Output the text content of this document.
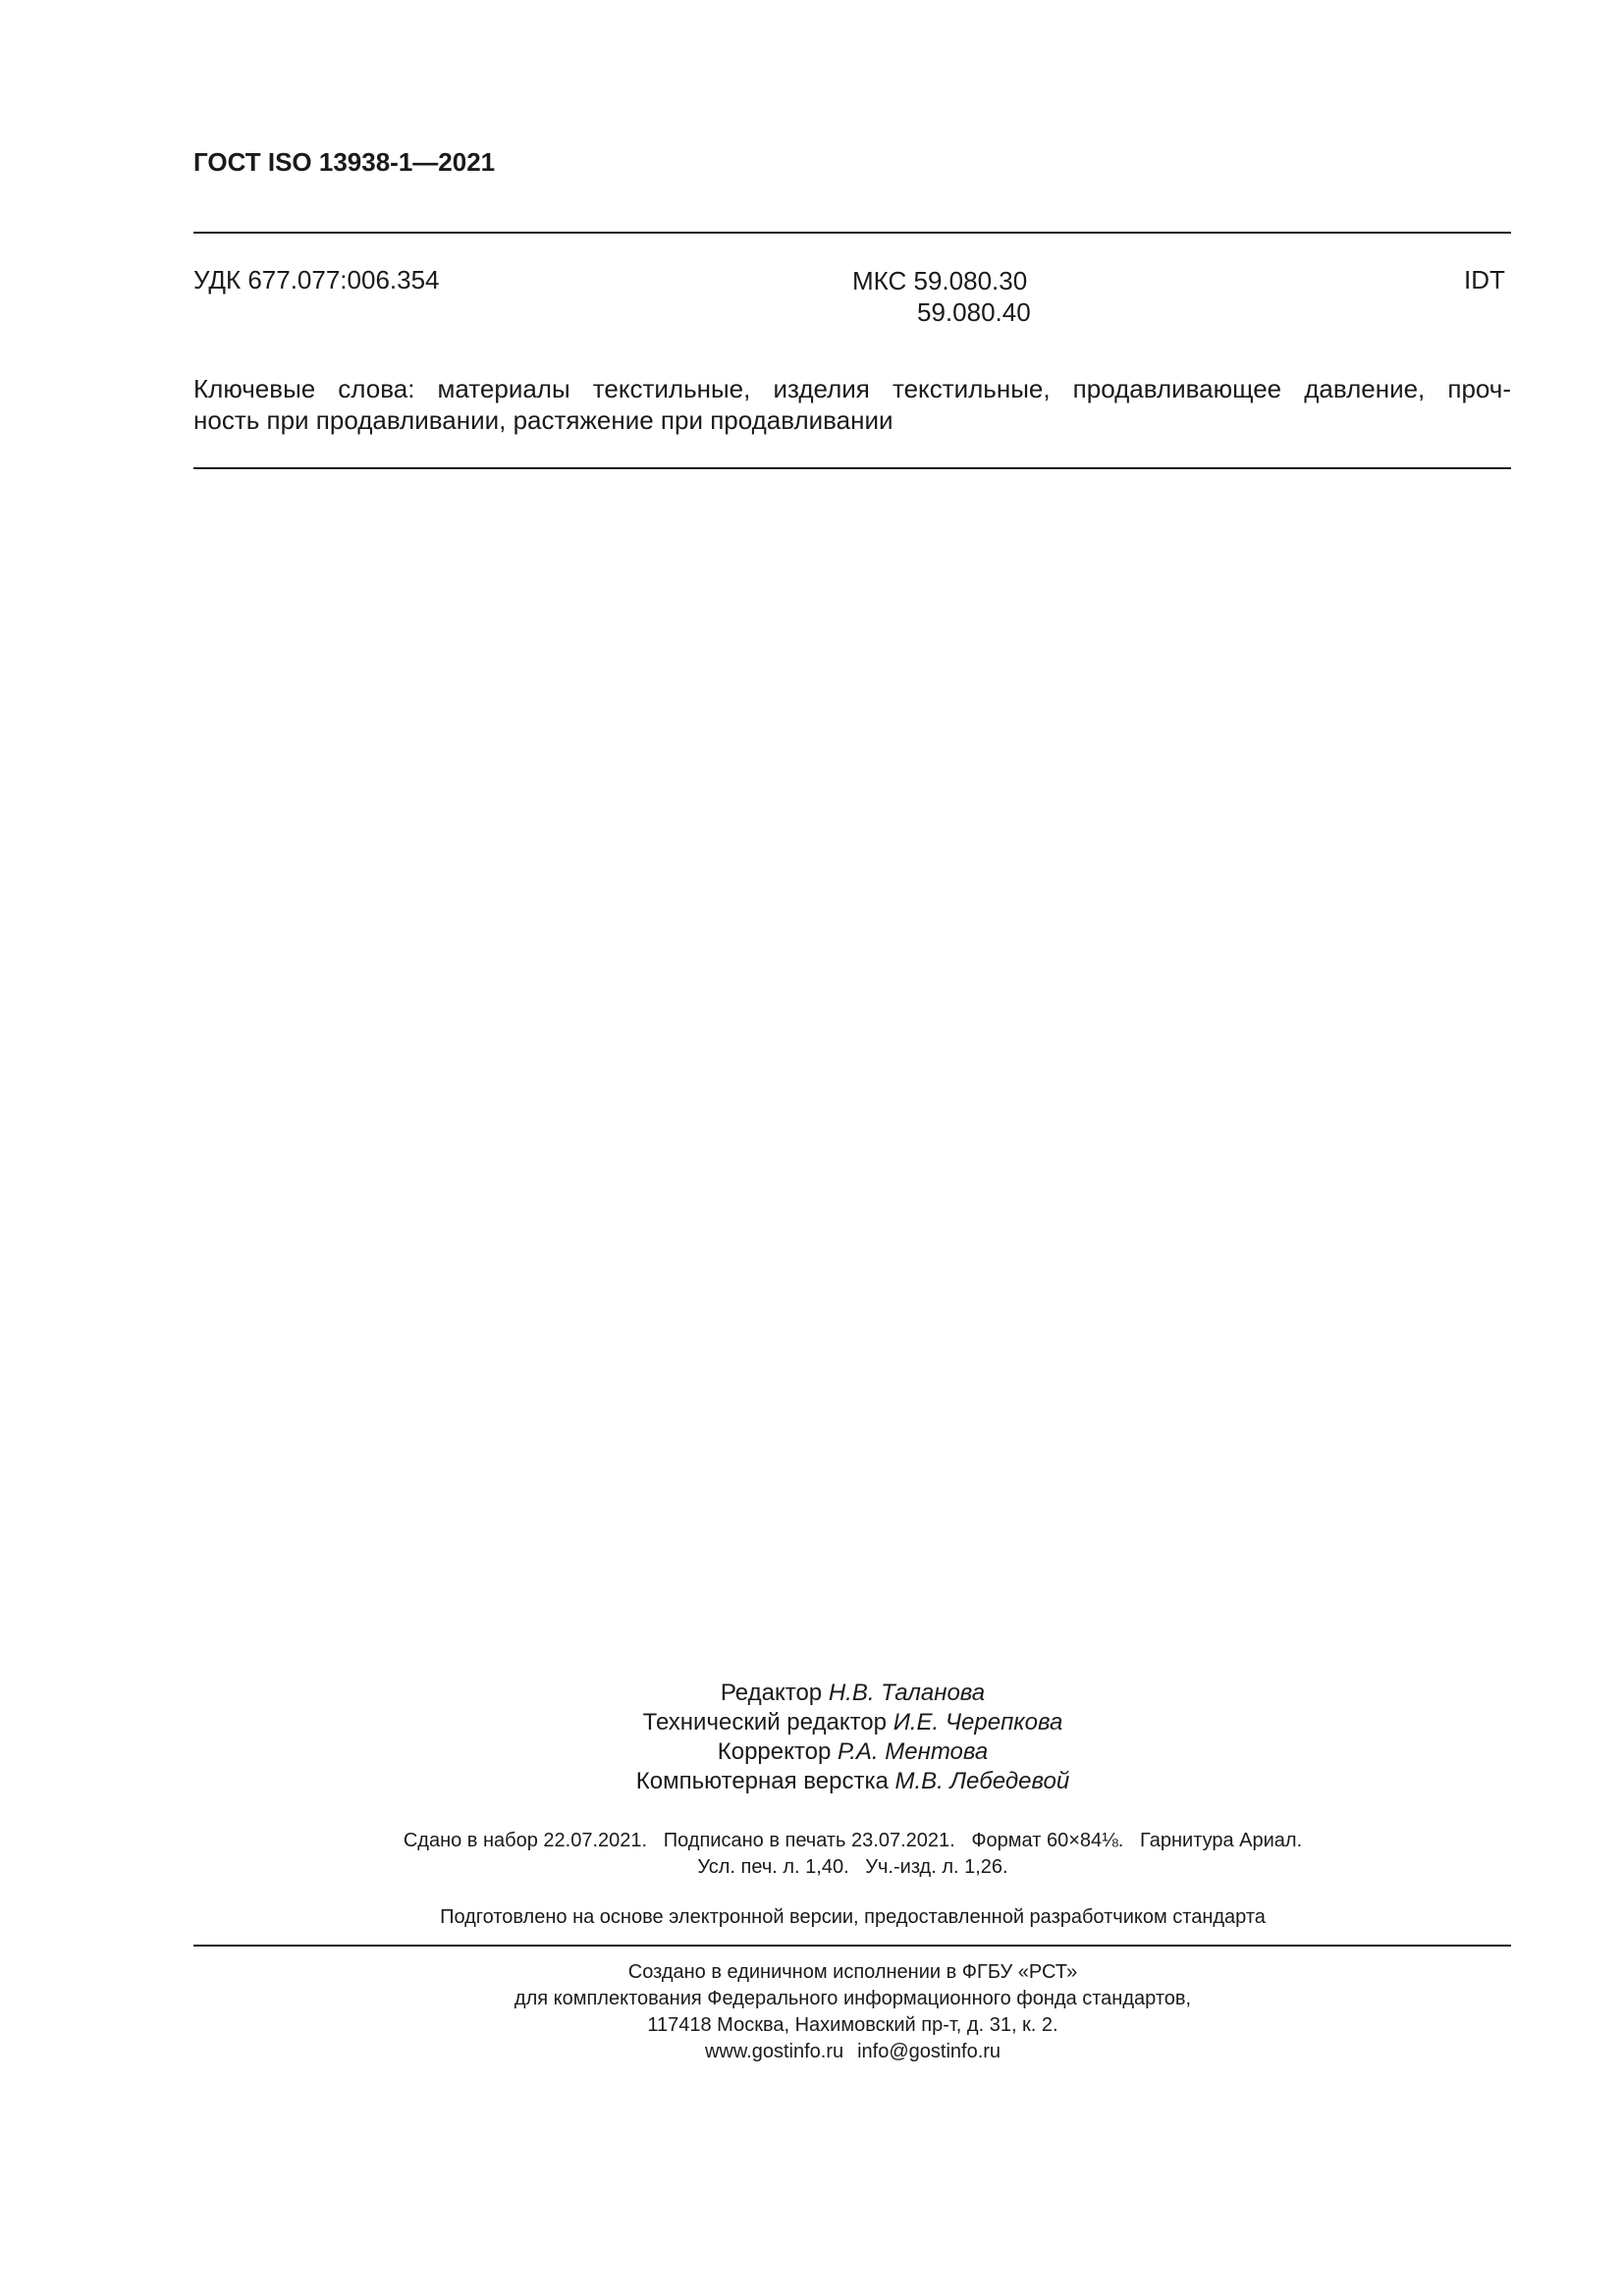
ГОСТ ISO 13938-1—2021
УДК 677.077:006.354	МКС 59.080.30
59.080.40
IDT
Ключевые слова: материалы текстильные, изделия текстильные, продавливающее давление, проч-
ность при продавливании, растяжение при продавливании
Редактор Н.В. Таланова
Технический редактор И.Е. Черепкова
Корректор Р.А. Ментова
Компьютерная верстка М.В. Лебедевой
Сдано в набор 22.07.2021.   Подписано в печать 23.07.2021.   Формат 60×84⅛.   Гарнитура Ариал.
Усл. печ. л. 1,40.   Уч.-изд. л. 1,26.
Подготовлено на основе электронной версии, предоставленной разработчиком стандарта
Создано в единичном исполнении в ФГБУ «РСТ»
для комплектования Федерального информационного фонда стандартов,
117418 Москва, Нахимовский пр-т, д. 31, к. 2.
www.gostinfo.ru info@gostinfo.ru
